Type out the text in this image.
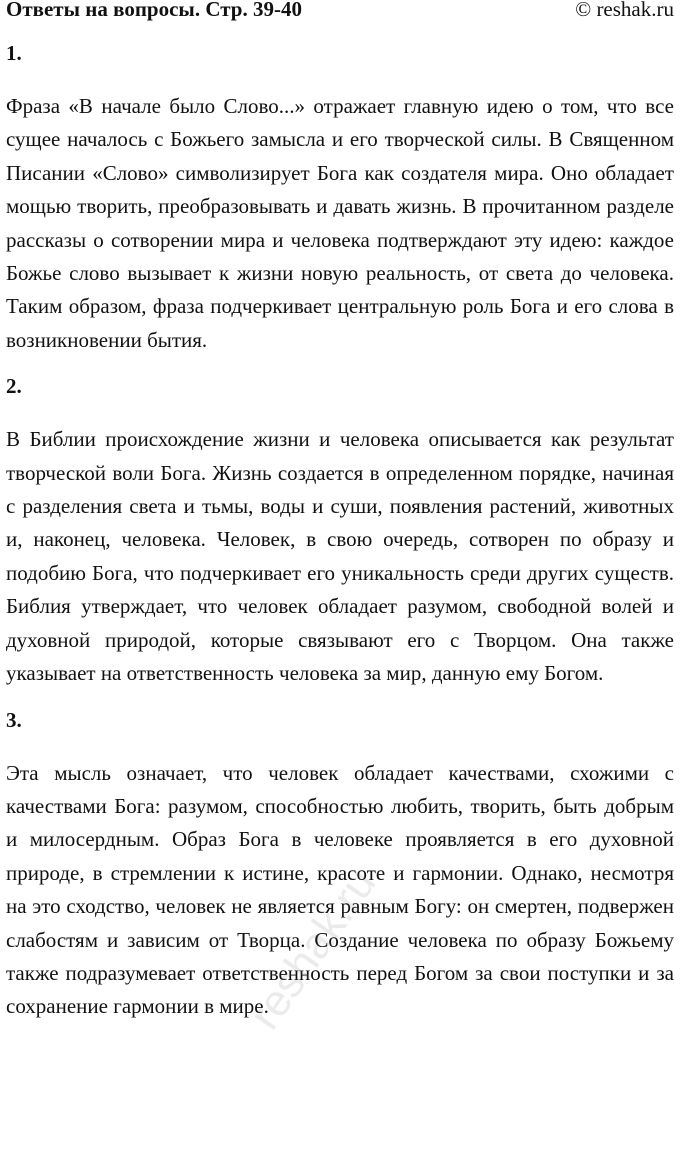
Ответы на вопросы. Стр. 39-40	© reshak.ru
1.

Фраза «В начале было Слово...» отражает главную идею о том, что все сущее началось с Божьего замысла и его творческой силы. В Священном Писании «Слово» символизирует Бога как создателя мира. Оно обладает мощью творить, преобразовывать и давать жизнь. В прочитанном разделе рассказы о сотворении мира и человека подтверждают эту идею: каждое Божье слово вызывает к жизни новую реальность, от света до человека. Таким образом, фраза подчеркивает центральную роль Бога и его слова в возникновении бытия.

2.

В Библии происхождение жизни и человека описывается как результат творческой воли Бога. Жизнь создается в определенном порядке, начиная с разделения света и тьмы, воды и суши, появления растений, животных и, наконец, человека. Человек, в свою очередь, сотворен по образу и подобию Бога, что подчеркивает его уникальность среди других существ. Библия утверждает, что человек обладает разумом, свободной волей и духовной природой, которые связывают его с Творцом. Она также указывает на ответственность человека за мир, данную ему Богом.

3.

Эта мысль означает, что человек обладает качествами, схожими с качествами Бога: разумом, способностью любить, творить, быть добрым и милосердным. Образ Бога в человеке проявляется в его духовной природе, в стремлении к истине, красоте и гармонии. Однако, несмотря на это сходство, человек не является равным Богу: он смертен, подвержен слабостям и зависим от Творца. Создание человека по образу Божьему также подразумевает ответственность перед Богом за свои поступки и за сохранение гармонии в мире.

reshak.ru
